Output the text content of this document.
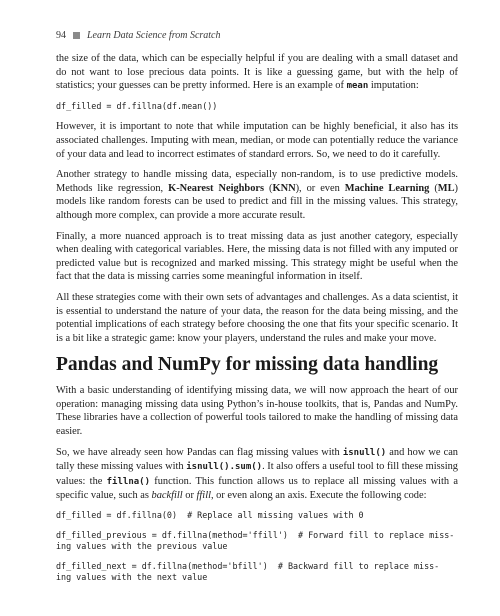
94 Learn Data Science from Scratch

the size of the data, which can be especially helpful if you are dealing with a small dataset and do not want to lose precious data points. It is like a guessing game, but with the help of statistics; your guesses can be pretty informed. Here is an example of mean imputation:

df_filled = df.fillna(df.mean())

However, it is important to note that while imputation can be highly beneficial, it also has its associated challenges. Imputing with mean, median, or mode can potentially reduce the variance of your data and lead to incorrect estimates of standard errors. So, we need to do it carefully.

Another strategy to handle missing data, especially non-random, is to use predictive models. Methods like regression, K-Nearest Neighbors (KNN), or even Machine Learning (ML) models like random forests can be used to predict and fill in the missing values. This strategy, although more complex, can provide a more accurate result.

Finally, a more nuanced approach is to treat missing data as just another category, especially when dealing with categorical variables. Here, the missing data is not filled with any imputed or predicted value but is recognized and marked missing. This strategy might be useful when the fact that the data is missing carries some meaningful information in itself.

All these strategies come with their own sets of advantages and challenges. As a data scientist, it is essential to understand the nature of your data, the reason for the data being missing, and the potential implications of each strategy before choosing the one that fits your specific scenario. It is a bit like a strategic game: know your players, understand the rules and make your move.

Pandas and NumPy for missing data handling

With a basic understanding of identifying missing data, we will now approach the heart of our operation: managing missing data using Python’s in-house toolkits, that is, Pandas and NumPy. These libraries have a collection of powerful tools tailored to make the handling of missing data easier.

So, we have already seen how Pandas can flag missing values with isnull() and how we can tally these missing values with isnull().sum(). It also offers a useful tool to fill these missing values: the fillna() function. This function allows us to replace all missing values with a specific value, such as backfill or ffill, or even along an axis. Execute the following code:

df_filled = df.fillna(0)  # Replace all missing values with 0
df_filled_previous = df.fillna(method='ffill')  # Forward fill to replace miss-
ing values with the previous value
df_filled_next = df.fillna(method='bfill')  # Backward fill to replace miss-
ing values with the next value
